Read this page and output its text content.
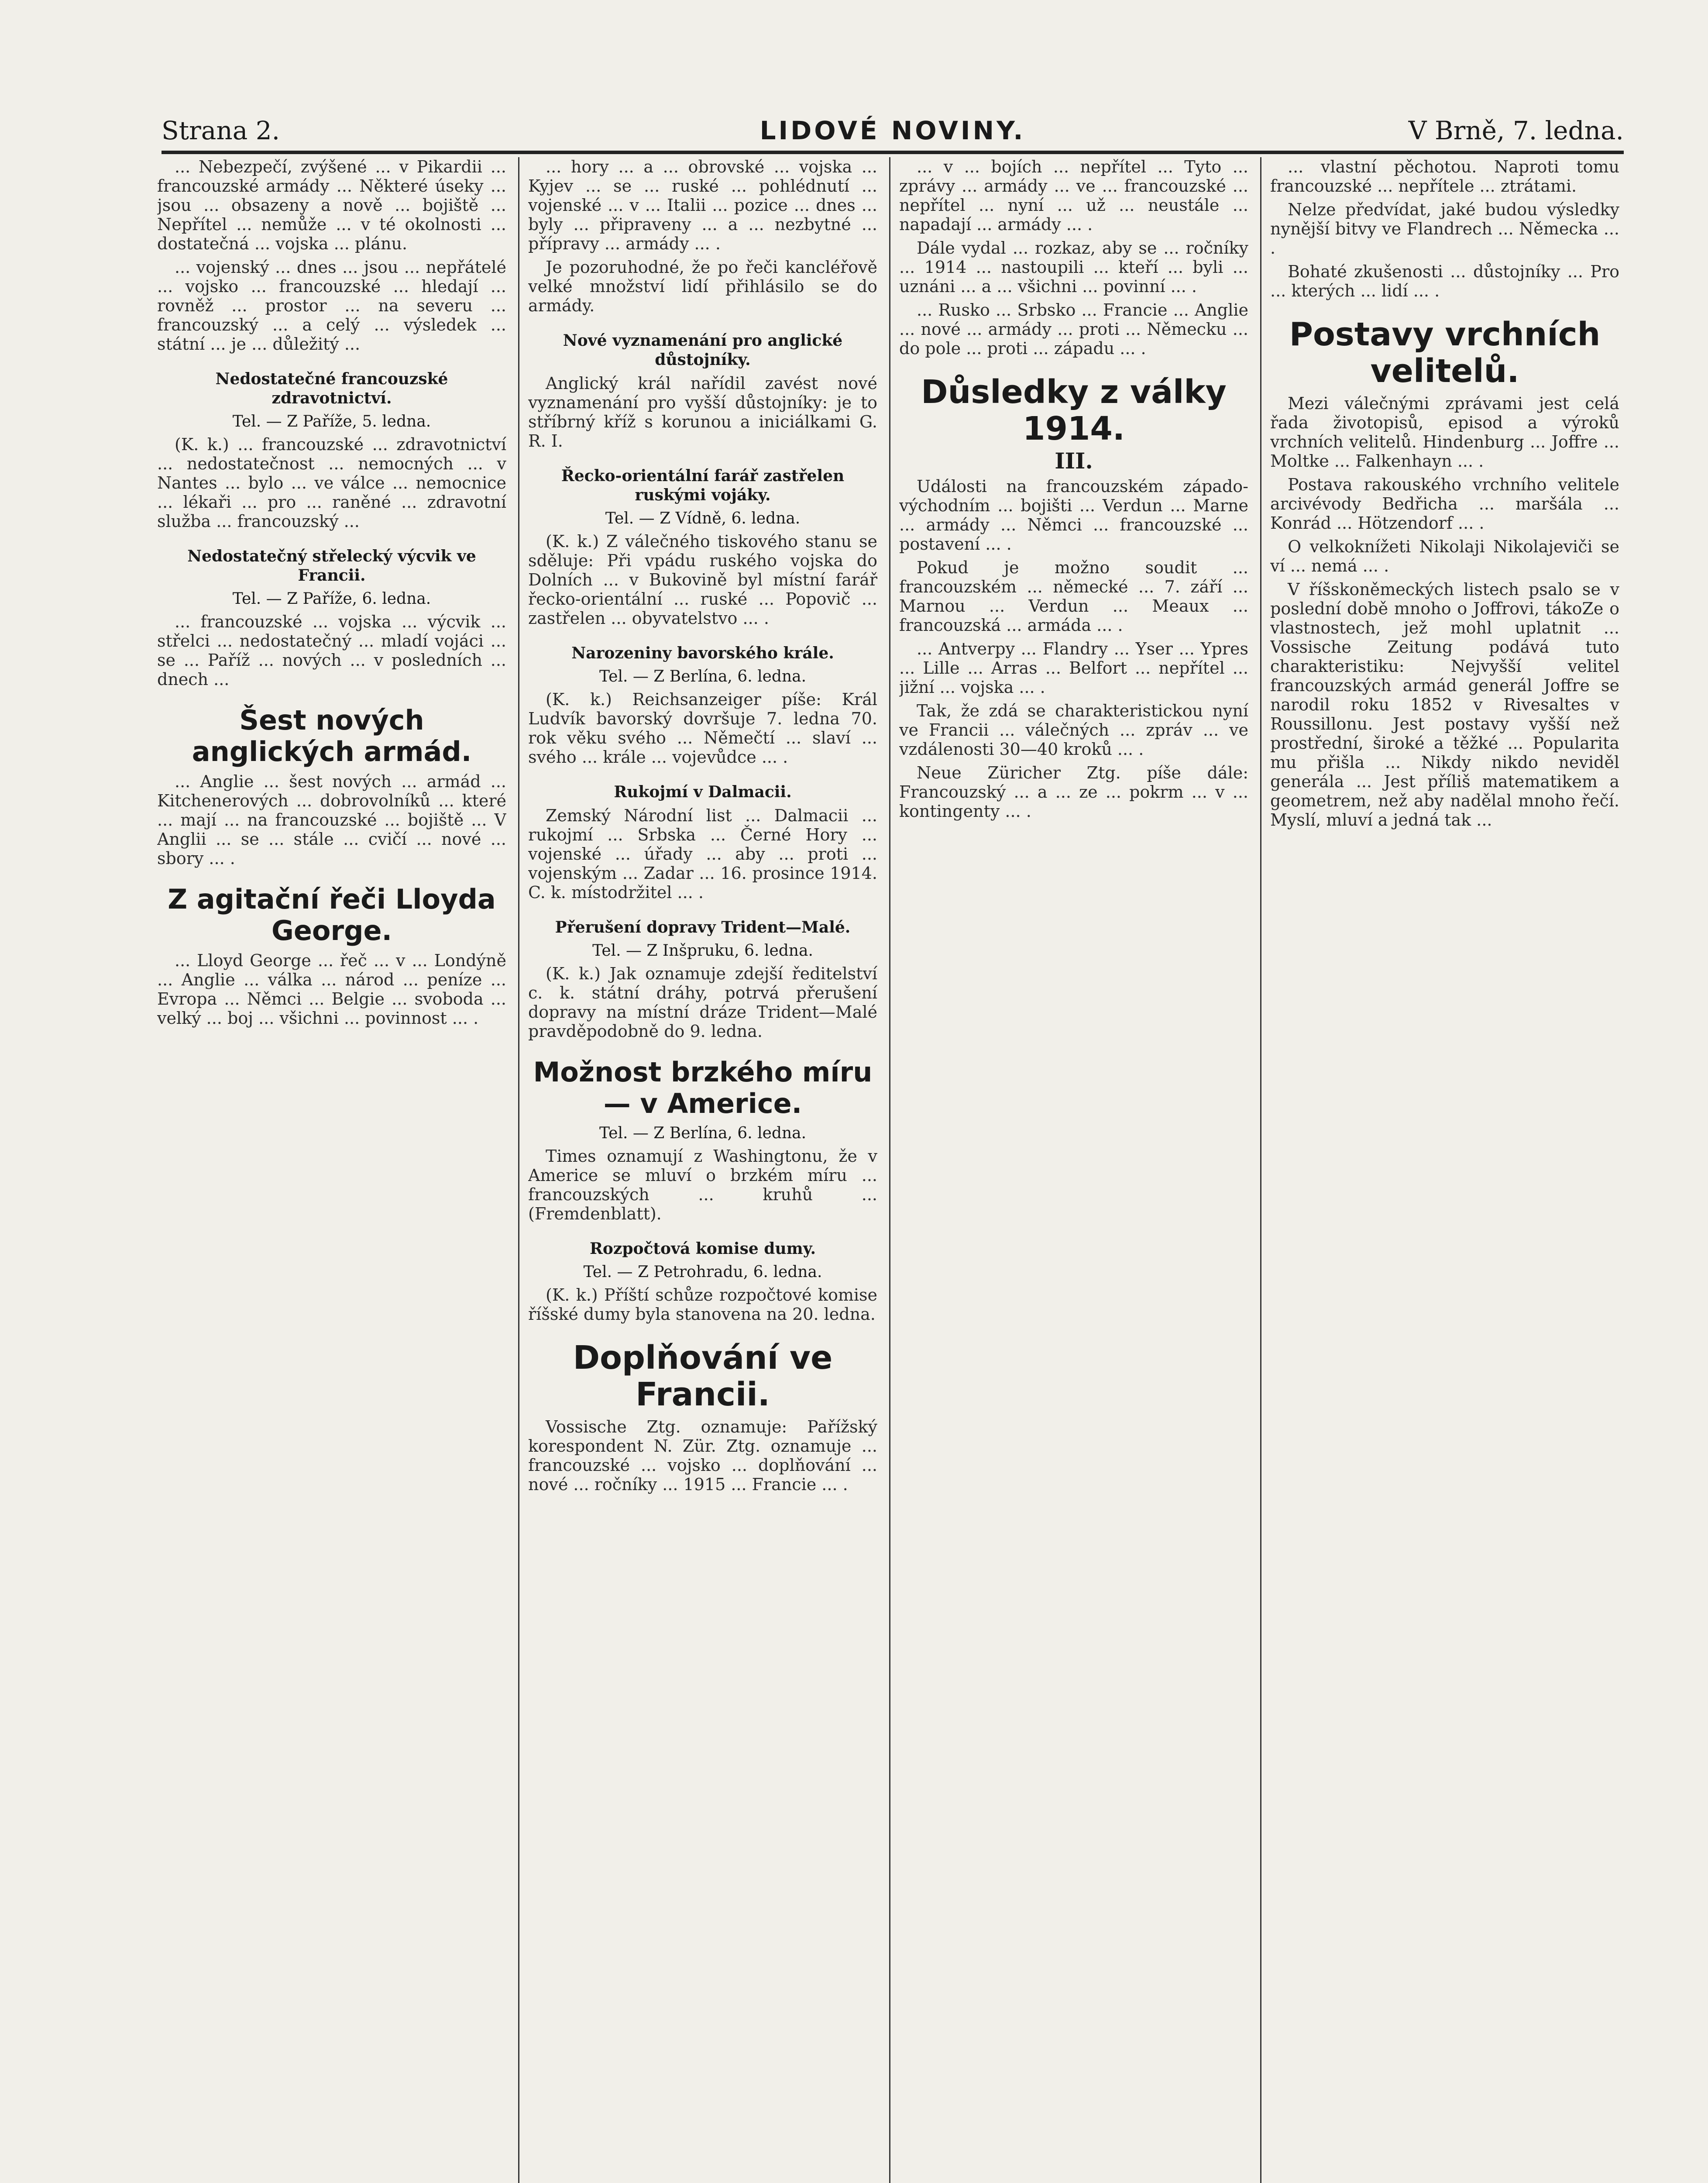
Strana 2.	LIDOVÉ NOVINY.	V Brně, 7. ledna.

... Nebezpečí, zvýšené ... v Pikardii ... francouzské armády ... Některé úseky ... jsou ... obsazeny a nově ... bojiště ... Nepřítel ... nemůže ... v té okolnosti ... dostatečná ... vojska ... plánu.

... vojenský ... dnes ... jsou ... nepřátelé ... vojsko ... francouzské ... hledají ... rovněž ... prostor ... na severu ... francouzský ... a celý ... výsledek ... státní ... je ... důležitý ...

Nedostatečné francouzské zdravotnictví.
Tel. — Z Paříže, 5. ledna.

(K. k.) ... francouzské ... zdravotnictví ... nedostatečnost ... nemocných ... v Nantes ... bylo ... ve válce ... nemocnice ... lékaři ... pro ... raněné ... zdravotní služba ... francouzský ...

Nedostatečný střelecký výcvik ve Francii.
Tel. — Z Paříže, 6. ledna.

... francouzské ... vojska ... výcvik ... střelci ... nedostatečný ... mladí vojáci ... se ... Paříž ... nových ... v posledních ... dnech ...

Šest nových anglických armád.

... Anglie ... šest nových ... armád ... Kitchenerových ... dobrovolníků ... které ... mají ... na francouzské ... bojiště ... V Anglii ... se ... stále ... cvičí ... nové ... sbory ... .

Z agitační řeči Lloyda George.

... Lloyd George ... řeč ... v ... Londýně ... Anglie ... válka ... národ ... peníze ... Evropa ... Němci ... Belgie ... svoboda ... velký ... boj ... všichni ... povinnost ... .

... hory ... a ... obrovské ... vojska ... Kyjev ... se ... ruské ... pohlédnutí ... vojenské ... v ... Italii ... pozice ... dnes ... byly ... připraveny ... a ... nezbytné ... přípravy ... armády ... .

Je pozoruhodné, že po řeči kancléřově velké množství lidí přihlásilo se do armády.

Nové vyznamenání pro anglické důstojníky.

Anglický král nařídil zavést nové vyznamenání pro vyšší důstojníky: je to stříbrný kříž s korunou a iniciálkami G. R. I.

Řecko-orientální farář zastřelen ruskými vojáky.
Tel. — Z Vídně, 6. ledna.

(K. k.) Z válečného tiskového stanu se sděluje: Při vpádu ruského vojska do Dolních ... v Bukovině byl místní farář řecko-orientální ... ruské ... Popovič ... zastřelen ... obyvatelstvo ... .

Narozeniny bavorského krále.
Tel. — Z Berlína, 6. ledna.

(K. k.) Reichsanzeiger píše: Král Ludvík bavorský dovršuje 7. ledna 70. rok věku svého ... Němečtí ... slaví ... svého ... krále ... vojevůdce ... .

Rukojmí v Dalmacii.

Zemský Národní list ... Dalmacii ... rukojmí ... Srbska ... Černé Hory ... vojenské ... úřady ... aby ... proti ... vojenským ... Zadar ... 16. prosince 1914. C. k. místodržitel ... .

Přerušení dopravy Trident—Malé.
Tel. — Z Inšpruku, 6. ledna.

(K. k.) Jak oznamuje zdejší ředitelství c. k. státní dráhy, potrvá přerušení dopravy na místní dráze Trident—Malé pravděpodobně do 9. ledna.

Možnost brzkého míru — v Americe.
Tel. — Z Berlína, 6. ledna.

Times oznamují z Washingtonu, že v Americe se mluví o brzkém míru ... francouzských ... kruhů ... (Fremdenblatt).

Rozpočtová komise dumy.
Tel. — Z Petrohradu, 6. ledna.

(K. k.) Příští schůze rozpočtové komise říšské dumy byla stanovena na 20. ledna.

Doplňování ve Francii.

Vossische Ztg. oznamuje: Pařížský korespondent N. Zür. Ztg. oznamuje ... francouzské ... vojsko ... doplňování ... nové ... ročníky ... 1915 ... Francie ... .

... v ... bojích ... nepřítel ... Tyto ... zprávy ... armády ... ve ... francouzské ... nepřítel ... nyní ... už ... neustále ... napadají ... armády ... .

Dále vydal ... rozkaz, aby se ... ročníky ... 1914 ... nastoupili ... kteří ... byli ... uznáni ... a ... všichni ... povinní ... .

... Rusko ... Srbsko ... Francie ... Anglie ... nové ... armády ... proti ... Německu ... do pole ... proti ... západu ... .

Důsledky z války 1914.
III.

Události na francouzském západo-východním ... bojišti ... Verdun ... Marne ... armády ... Němci ... francouzské ... postavení ... .

Pokud je možno soudit ... francouzském ... německé ... 7. září ... Marnou ... Verdun ... Meaux ... francouzská ... armáda ... .

... Antverpy ... Flandry ... Yser ... Ypres ... Lille ... Arras ... Belfort ... nepřítel ... jižní ... vojska ... .

Tak, že zdá se charakteristickou nyní ve Francii ... válečných ... zpráv ... ve vzdálenosti 30—40 kroků ... .

Neue Züricher Ztg. píše dále: Francouzský ... a ... ze ... pokrm ... v ... kontingenty ... .

... vlastní pěchotou. Naproti tomu francouzské ... nepřítele ... ztrátami.

Nelze předvídat, jaké budou výsledky nynější bitvy ve Flandrech ... Německa ... .

Bohaté zkušenosti ... důstojníky ... Pro ... kterých ... lidí ... .

Postavy vrchních velitelů.

Mezi válečnými zprávami jest celá řada životopisů, episod a výroků vrchních velitelů. Hindenburg ... Joffre ... Moltke ... Falkenhayn ... .

Postava rakouského vrchního velitele arcivévody Bedřicha ... maršála ... Konrád ... Hötzendorf ... .

O velkoknížeti Nikolaji Nikolajeviči se ví ... nemá ... .

V říšskoněmeckých listech psalo se v poslední době mnoho o Joffrovi, tákoZe o vlastnostech, jež mohl uplatnit ... Vossische Zeitung podává tuto charakteristiku: Nejvyšší velitel francouzských armád generál Joffre se narodil roku 1852 v Rivesaltes v Roussillonu. Jest postavy vyšší než prostřední, široké a těžké ... Popularita mu přišla ... Nikdy nikdo neviděl generála ... Jest příliš matematikem a geometrem, než aby nadělal mnoho řečí. Myslí, mluví a jedná tak ...
